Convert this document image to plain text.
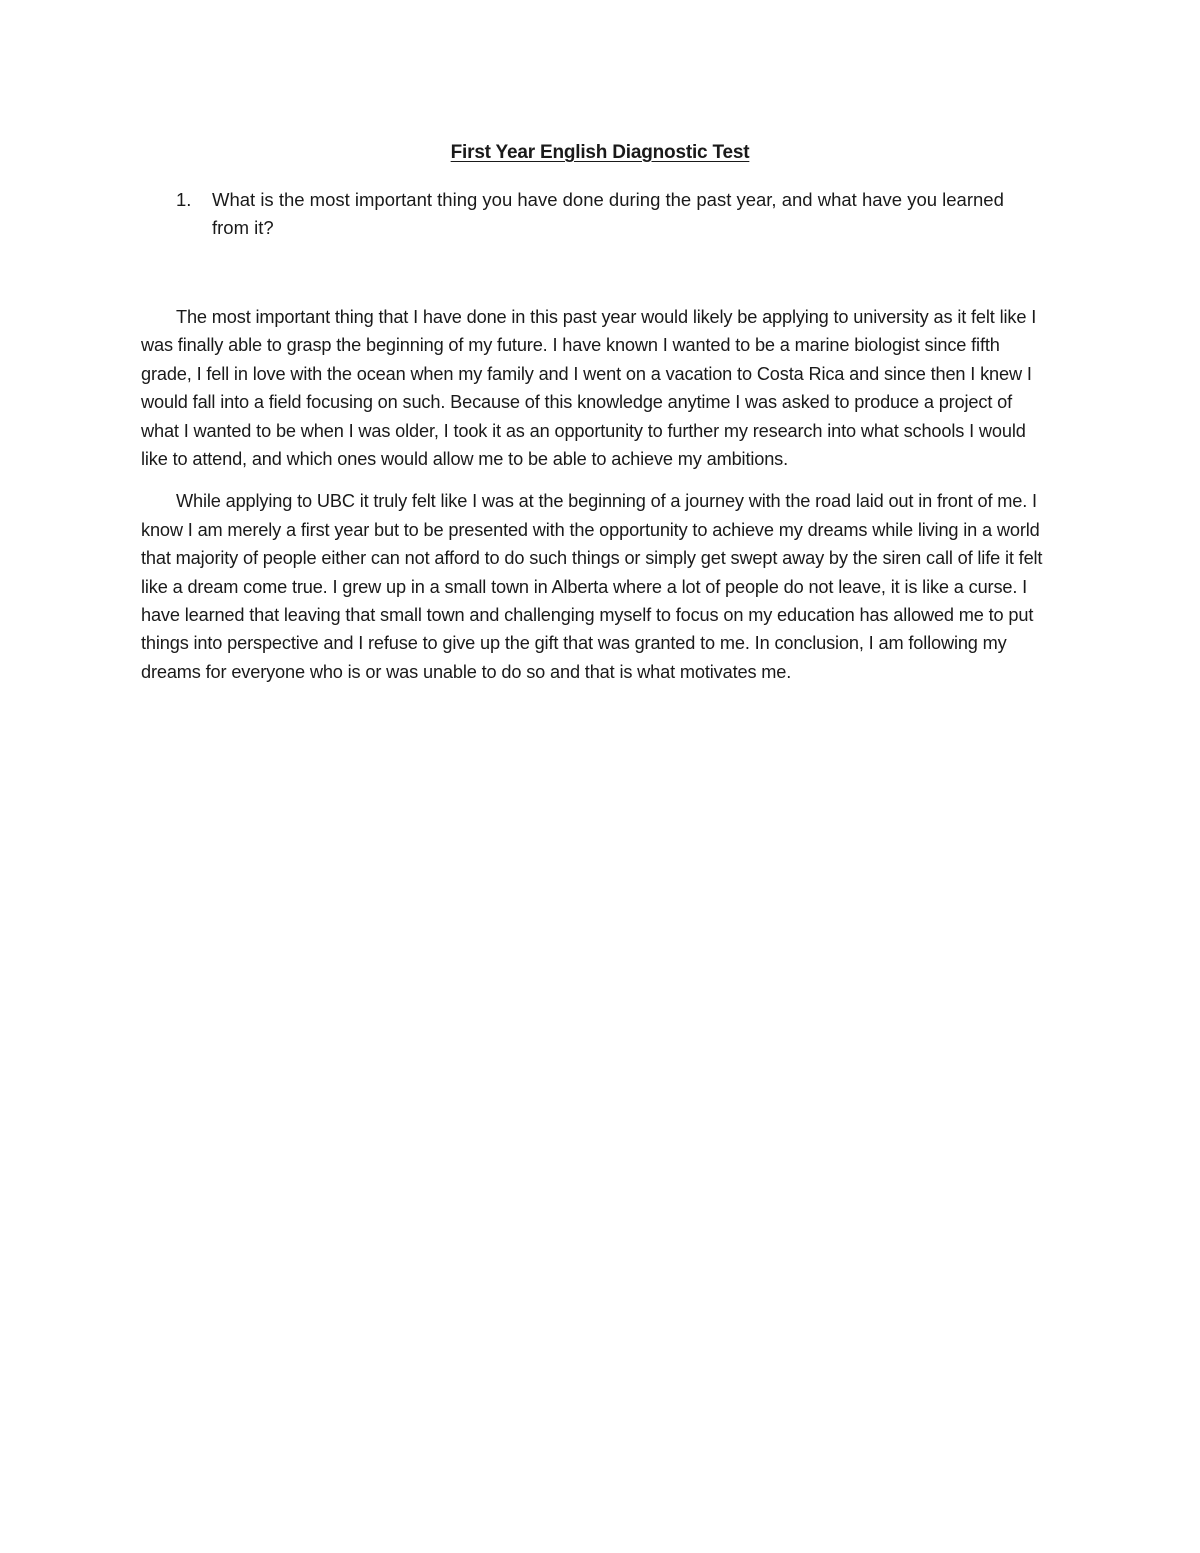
First Year English Diagnostic Test
1.	What is the most important thing you have done during the past year, and what have you learned from it?

The most important thing that I have done in this past year would likely be applying to university as it felt like I was finally able to grasp the beginning of my future. I have known I wanted to be a marine biologist since fifth grade, I fell in love with the ocean when my family and I went on a vacation to Costa Rica and since then I knew I would fall into a field focusing on such. Because of this knowledge anytime I was asked to produce a project of what I wanted to be when I was older, I took it as an opportunity to further my research into what schools I would like to attend, and which ones would allow me to be able to achieve my ambitions.

While applying to UBC it truly felt like I was at the beginning of a journey with the road laid out in front of me. I know I am merely a first year but to be presented with the opportunity to achieve my dreams while living in a world that majority of people either can not afford to do such things or simply get swept away by the siren call of life it felt like a dream come true. I grew up in a small town in Alberta where a lot of people do not leave, it is like a curse. I have learned that leaving that small town and challenging myself to focus on my education has allowed me to put things into perspective and I refuse to give up the gift that was granted to me. In conclusion, I am following my dreams for everyone who is or was unable to do so and that is what motivates me.
